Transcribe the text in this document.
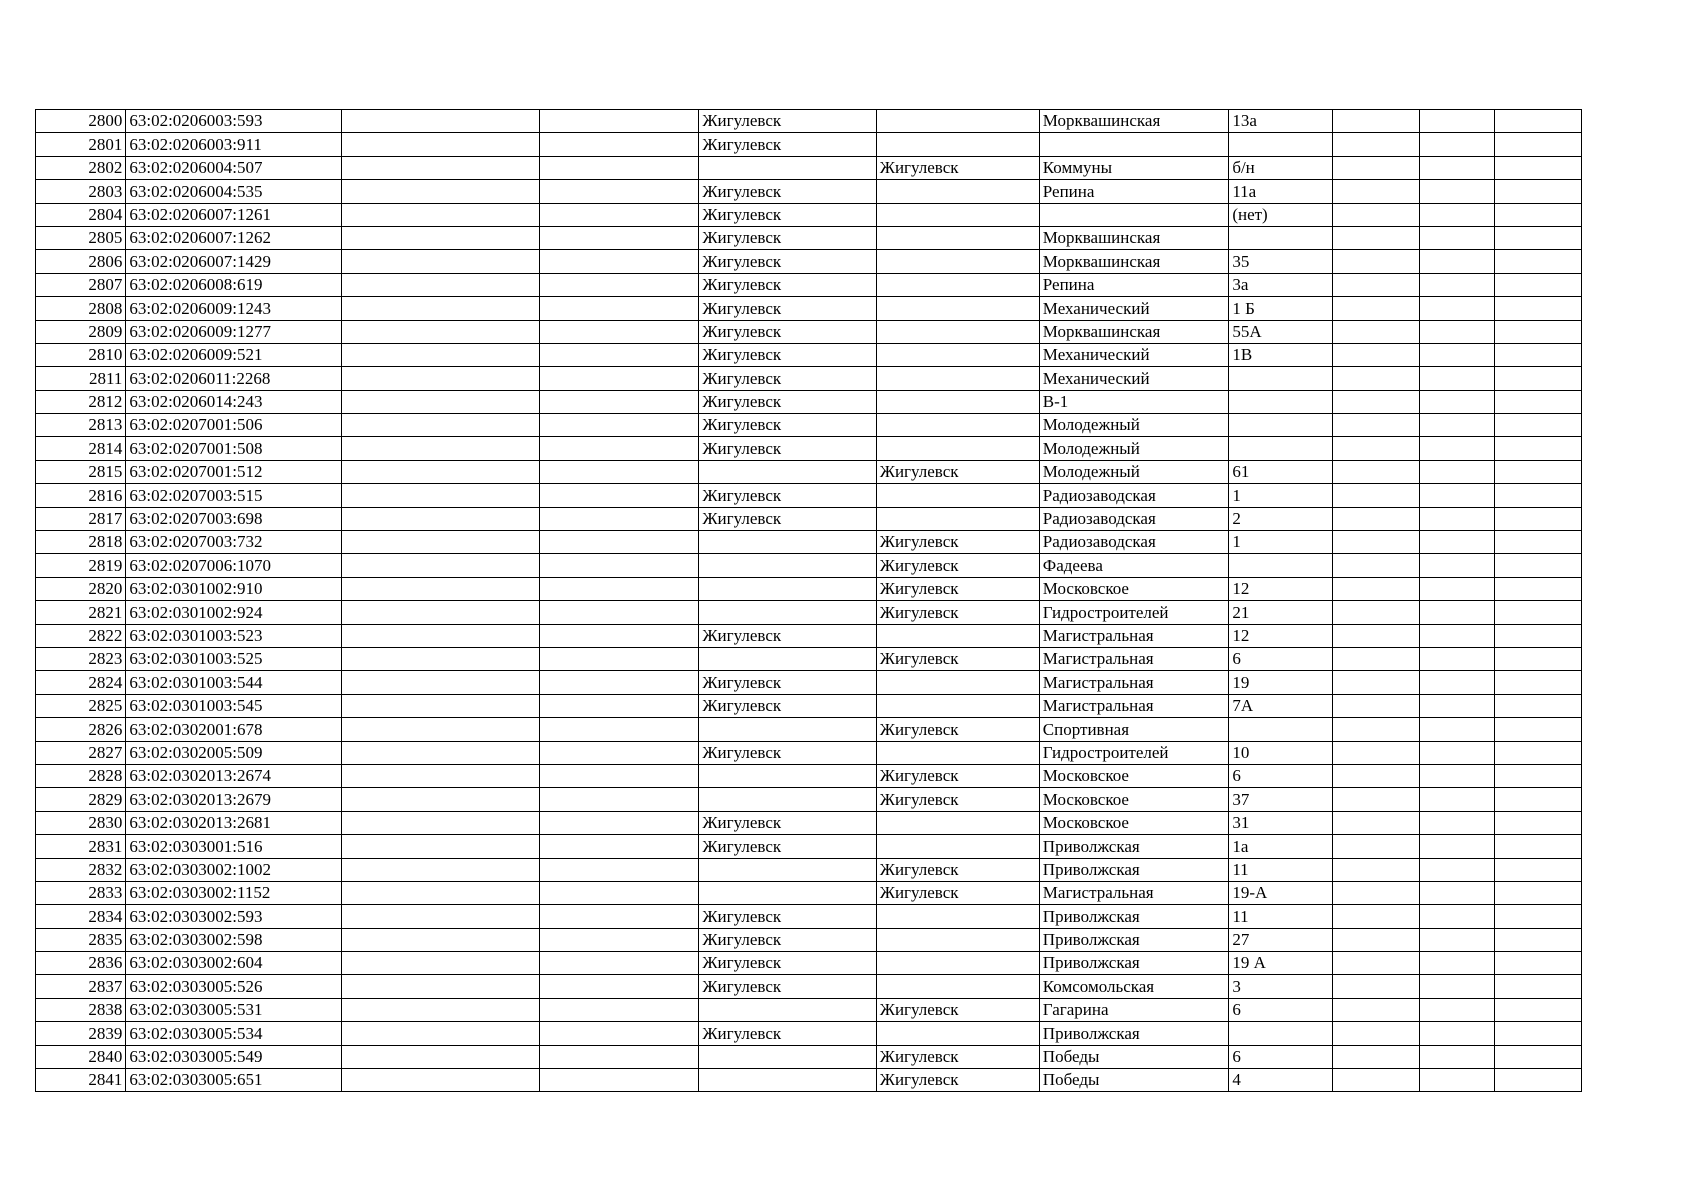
2800	63:02:0206003:593			Жигулевск		Морквашинская	13а			
2801	63:02:0206003:911			Жигулевск						
2802	63:02:0206004:507				Жигулевск	Коммуны	б/н			
2803	63:02:0206004:535			Жигулевск		Репина	11а			
2804	63:02:0206007:1261			Жигулевск			(нет)			
2805	63:02:0206007:1262			Жигулевск		Морквашинская				
2806	63:02:0206007:1429			Жигулевск		Морквашинская	35			
2807	63:02:0206008:619			Жигулевск		Репина	3а			
2808	63:02:0206009:1243			Жигулевск		Механический	1 Б			
2809	63:02:0206009:1277			Жигулевск		Морквашинская	55А			
2810	63:02:0206009:521			Жигулевск		Механический	1В			
2811	63:02:0206011:2268			Жигулевск		Механический				
2812	63:02:0206014:243			Жигулевск		В-1				
2813	63:02:0207001:506			Жигулевск		Молодежный				
2814	63:02:0207001:508			Жигулевск		Молодежный				
2815	63:02:0207001:512				Жигулевск	Молодежный	61			
2816	63:02:0207003:515			Жигулевск		Радиозаводская	1			
2817	63:02:0207003:698			Жигулевск		Радиозаводская	2			
2818	63:02:0207003:732				Жигулевск	Радиозаводская	1			
2819	63:02:0207006:1070				Жигулевск	Фадеева				
2820	63:02:0301002:910				Жигулевск	Московское	12			
2821	63:02:0301002:924				Жигулевск	Гидростроителей	21			
2822	63:02:0301003:523			Жигулевск		Магистральная	12			
2823	63:02:0301003:525				Жигулевск	Магистральная	6			
2824	63:02:0301003:544			Жигулевск		Магистральная	19			
2825	63:02:0301003:545			Жигулевск		Магистральная	7А			
2826	63:02:0302001:678				Жигулевск	Спортивная				
2827	63:02:0302005:509			Жигулевск		Гидростроителей	10			
2828	63:02:0302013:2674				Жигулевск	Московское	6			
2829	63:02:0302013:2679				Жигулевск	Московское	37			
2830	63:02:0302013:2681			Жигулевск		Московское	31			
2831	63:02:0303001:516			Жигулевск		Приволжская	1а			
2832	63:02:0303002:1002				Жигулевск	Приволжская	11			
2833	63:02:0303002:1152				Жигулевск	Магистральная	19-А			
2834	63:02:0303002:593			Жигулевск		Приволжская	11			
2835	63:02:0303002:598			Жигулевск		Приволжская	27			
2836	63:02:0303002:604			Жигулевск		Приволжская	19 А			
2837	63:02:0303005:526			Жигулевск		Комсомольская	3			
2838	63:02:0303005:531				Жигулевск	Гагарина	6			
2839	63:02:0303005:534			Жигулевск		Приволжская				
2840	63:02:0303005:549				Жигулевск	Победы	6			
2841	63:02:0303005:651				Жигулевск	Победы	4			
